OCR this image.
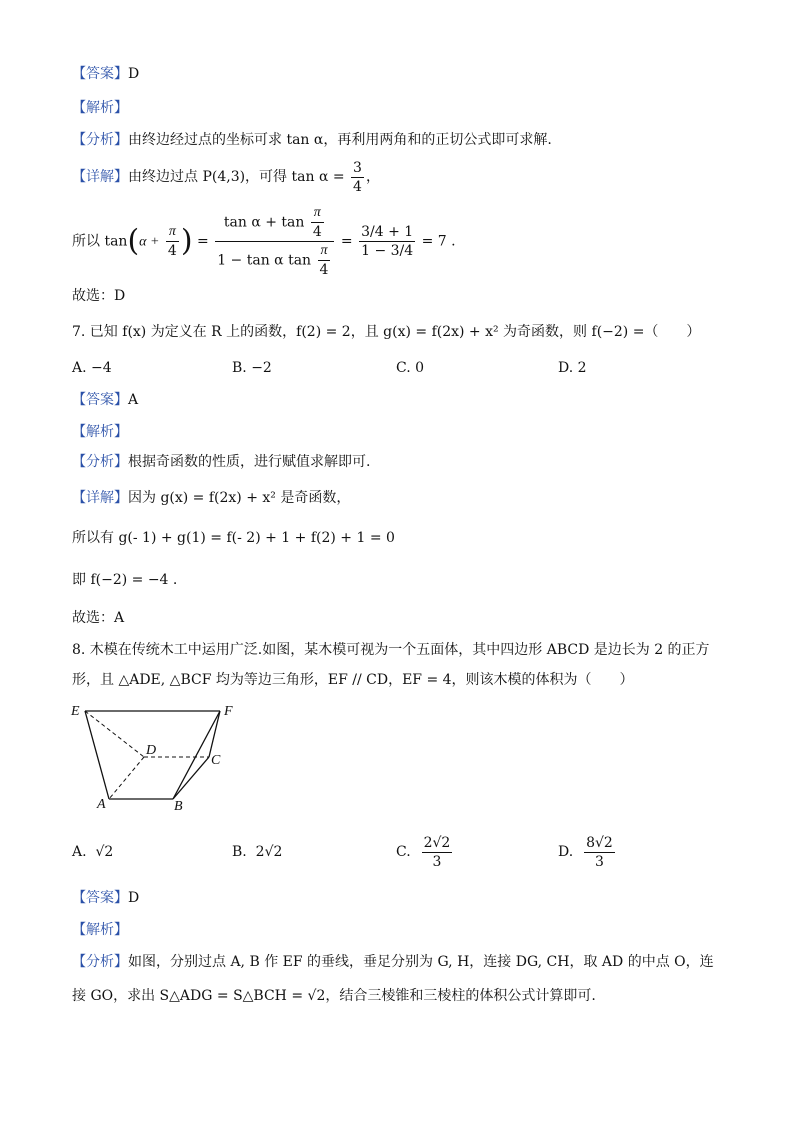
【答案】D
【解析】
【分析】由终边经过点的坐标可求 tan α，再利用两角和的正切公式即可求解.
【详解】由终边过点 P(4,3)，可得 $\tan \alpha = \frac{3}{4}$ ，
所以 $\tan(\alpha + \frac{\pi}{4}$ ) = $\frac{\tan \alpha + \tan \frac{\pi}{4}}{1 - \tan \alpha \tan \frac{\pi}{4}} = \frac{3/4 + 1}{1 - 3/4} = 7$ .
故选：D
7. 已知 f(x) 为定义在 R 上的函数，f(2) = 2，且 g(x) = f(2x) + x² 为奇函数，则 f(−2) =（　　）
A. −4	B. −2	C. 0	D. 2
【答案】A
【解析】
【分析】根据奇函数的性质，进行赋值求解即可.
【详解】因为 g(x) = f(2x) + x² 是奇函数，
所以有 g(- 1) + g(1) = f(- 2) + 1 + f(2) + 1 = 0
即 f(−2) = −4 .
故选：A
8. 木模在传统木工中运用广泛.如图，某木模可视为一个五面体，其中四边形 ABCD 是边长为 2 的正方
形，且 △ADE, △BCF 均为等边三角形，EF // CD，EF = 4，则该木模的体积为（　　）
E	F
D
C
A	B
A. √2	B. 2√2	C. $\frac{2√2}{3}$	D. $\frac{8√2}{3}$
【答案】D
【解析】
【分析】如图，分别过点 A, B 作 EF 的垂线，垂足分别为 G, H，连接 DG, CH，取 AD 的中点 O，连
接 GO，求出 S△ADG = S△BCH = √2，结合三棱锥和三棱柱的体积公式计算即可.
